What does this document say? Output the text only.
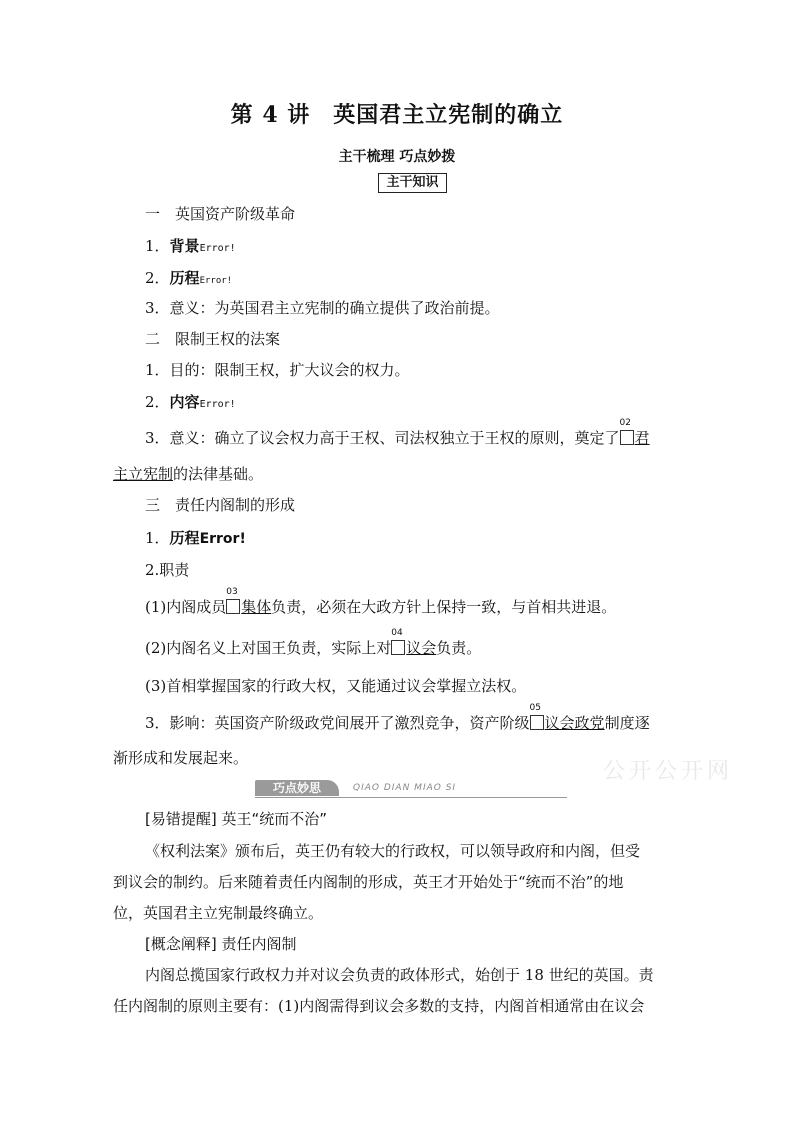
第 4 讲　英国君主立宪制的确立
主干梳理 巧点妙拨
主干知识
一　英国资产阶级革命
1．背景Error!
2．历程Error!
3．意义：为英国君主立宪制的确立提供了政治前提。
二　限制王权的法案
1．目的：限制王权，扩大议会的权力。
2．内容Error!
3．意义：确立了议会权力高于王权、司法权独立于王权的原则，奠定了
02
君
主立宪制的法律基础。
三　责任内阁制的形成
1．历程Error!
2.职责
(1)内阁成员
03
集体负责，必须在大政方针上保持一致，与首相共进退。
(2)内阁名义上对国王负责，实际上对
04
议会负责。
(3)首相掌握国家的行政大权，又能通过议会掌握立法权。
3．影响：英国资产阶级政党间展开了激烈竞争，资产阶级
05
议会政党制度逐
渐形成和发展起来。
巧点妙思	QIAO DIAN MIAO SI
公开公开网
[易错提醒] 英王“统而不治”
《权利法案》颁布后，英王仍有较大的行政权，可以领导政府和内阁，但受
到议会的制约。后来随着责任内阁制的形成，英王才开始处于“统而不治”的地
位，英国君主立宪制最终确立。
[概念阐释] 责任内阁制
内阁总揽国家行政权力并对议会负责的政体形式，始创于 18 世纪的英国。责
任内阁制的原则主要有：(1)内阁需得到议会多数的支持，内阁首相通常由在议会
